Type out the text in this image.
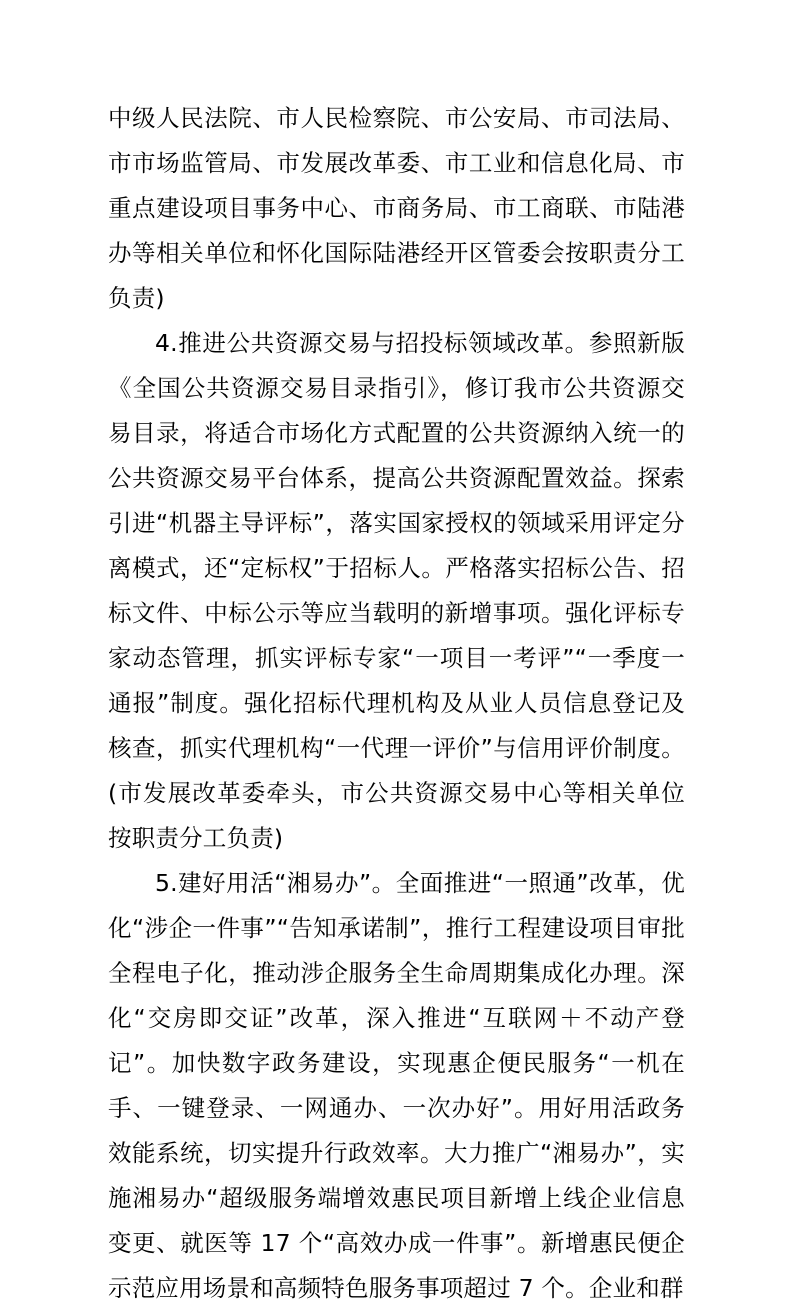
中级人民法院、市人民检察院、市公安局、市司法局、市市场监管局、市发展改革委、市工业和信息化局、市重点建设项目事务中心、市商务局、市工商联、市陆港办等相关单位和怀化国际陆港经开区管委会按职责分工负责)

4.推进公共资源交易与招投标领域改革。参照新版《全国公共资源交易目录指引》，修订我市公共资源交易目录，将适合市场化方式配置的公共资源纳入统一的公共资源交易平台体系，提高公共资源配置效益。探索引进“机器主导评标”，落实国家授权的领域采用评定分离模式，还“定标权”于招标人。严格落实招标公告、招标文件、中标公示等应当载明的新增事项。强化评标专家动态管理，抓实评标专家“一项目一考评”“一季度一通报”制度。强化招标代理机构及从业人员信息登记及核查，抓实代理机构“一代理一评价”与信用评价制度。(市发展改革委牵头，市公共资源交易中心等相关单位按职责分工负责)

5.建好用活“湘易办”。全面推进“一照通”改革，优化“涉企一件事”“告知承诺制”，推行工程建设项目审批全程电子化，推动涉企服务全生命周期集成化办理。深化“交房即交证”改革，深入推进“互联网＋不动产登记”。加快数字政务建设，实现惠企便民服务“一机在手、一键登录、一网通办、一次办好”。用好用活政务效能系统，切实提升行政效率。大力推广“湘易办”，实施湘易办“超级服务端增效惠民项目新增上线企业信息变更、就医等 17 个“高效办成一件事”。新增惠民便企示范应用场景和高频特色服务事项超过 7 个。企业和群
